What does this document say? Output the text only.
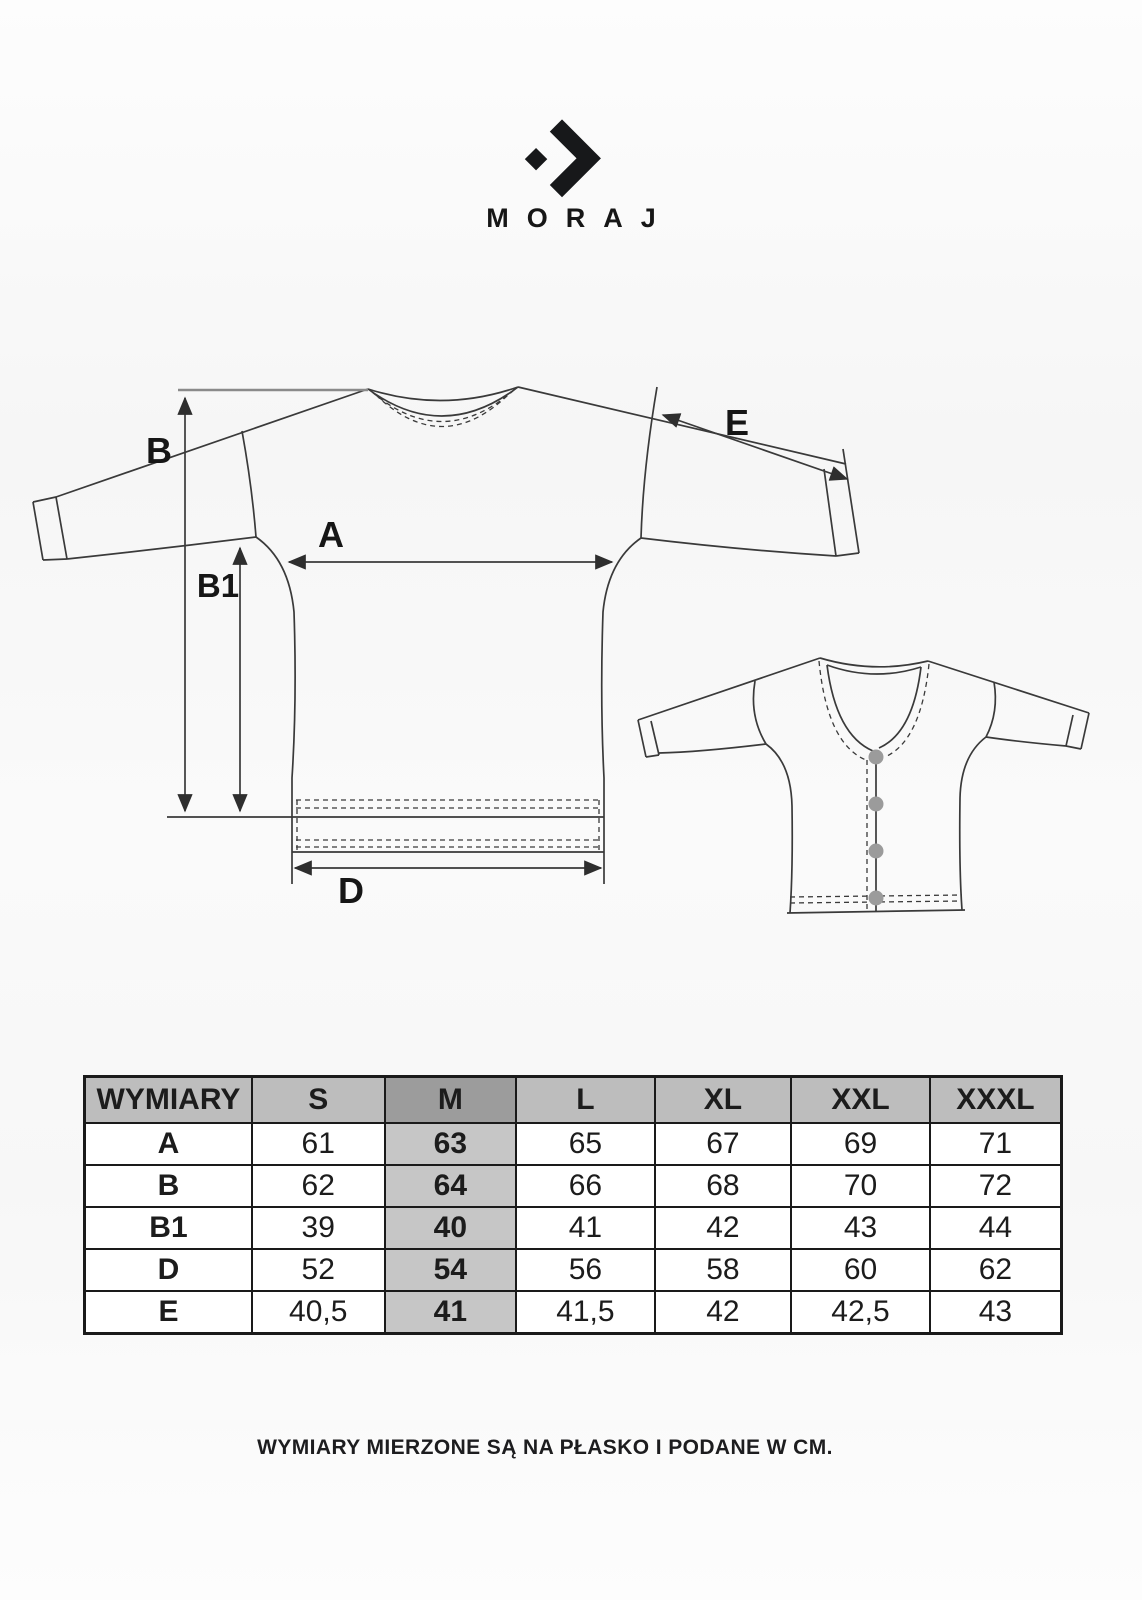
MORAJ
B
B1
A
D
E
WYMIARY	S	M	L	XL	XXL	XXXL
A	61	63	65	67	69	71
B	62	64	66	68	70	72
B1	39	40	41	42	43	44
D	52	54	56	58	60	62
E	40,5	41	41,5	42	42,5	43
WYMIARY MIERZONE SĄ NA PŁASKO I PODANE W CM.
